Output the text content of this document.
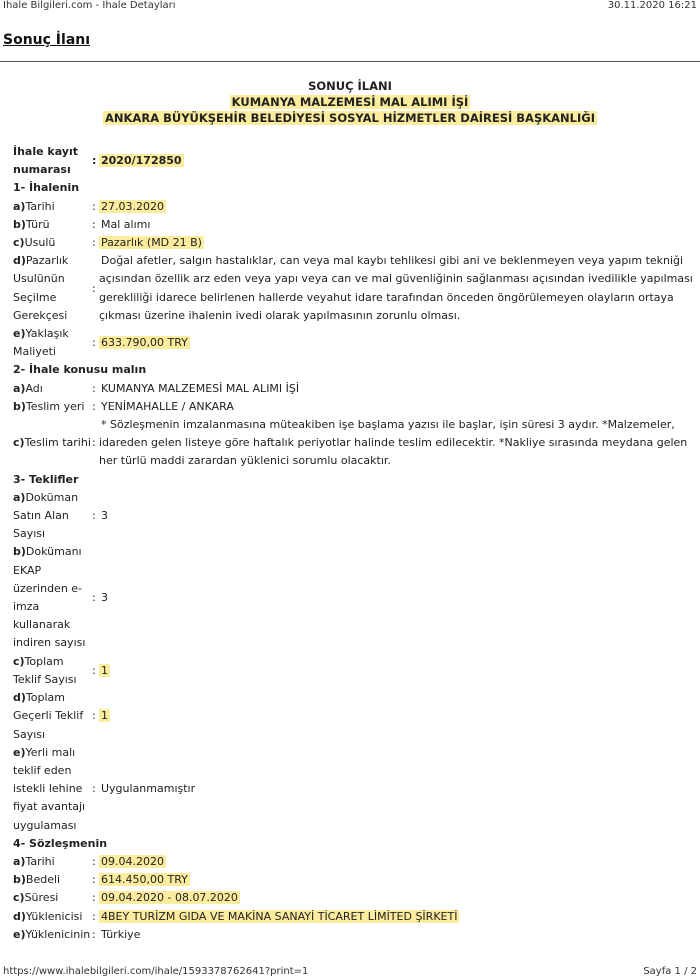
İhale Bilgileri.com - İhale Detayları	30.11.2020 16:21
Sonuç İlanı
SONUÇ İLANI
KUMANYA MALZEMESİ MAL ALIMI İŞİ
ANKARA BÜYÜKŞEHİR BELEDİYESİ SOSYAL HİZMETLER DAİRESİ BAŞKANLIĞI
İhale kayıt numarası	:	2020/172850
1- İhalenin		
a)Tarihi	:	27.03.2020
b)Türü	:	Mal alımı
c)Usulü	:	Pazarlık (MD 21 B)
d)Pazarlık Usulünün Seçilme Gerekçesi	:	Doğal afetler, salgın hastalıklar, can veya mal kaybı tehlikesi gibi ani ve beklenmeyen veya yapım tekniği açısından özellik arz eden veya yapı veya can ve mal güvenliğinin sağlanması açısından ivedilikle yapılması gerekliliği idarece belirlenen hallerde veyahut idare tarafından önceden öngörülemeyen olayların ortaya çıkması üzerine ihalenin ivedi olarak yapılmasının zorunlu olması.
e)Yaklaşık Maliyeti	:	633.790,00 TRY
2- İhale konusu malın		
a)Adı	:	KUMANYA MALZEMESİ MAL ALIMI İŞİ
b)Teslim yeri	:	YENİMAHALLE / ANKARA
c)Teslim tarihi	:	* Sözleşmenin imzalanmasına müteakiben işe başlama yazısı ile başlar, işin süresi 3 aydır. *Malzemeler, idareden gelen listeye göre haftalık periyotlar halinde teslim edilecektir. *Nakliye sırasında meydana gelen her türlü maddi zarardan yüklenici sorumlu olacaktır.
3- Teklifler		
a)Doküman Satın Alan Sayısı	:	3
b)Dokümanı EKAP üzerinden e-imza kullanarak indiren sayısı	:	3
c)Toplam Teklif Sayısı	:	1
d)Toplam Geçerli Teklif Sayısı	:	1
e)Yerli malı teklif eden istekli lehine fiyat avantajı uygulaması	:	Uygulanmamıştır
4- Sözleşmenin		
a)Tarihi	:	09.04.2020
b)Bedeli	:	614.450,00 TRY
c)Süresi	:	09.04.2020 - 08.07.2020
d)Yüklenicisi	:	4BEY TURİZM GIDA VE MAKİNA SANAYİ TİCARET LİMİTED ŞİRKETİ
e)Yüklenicinin	:	Türkiye
https://www.ihalebilgileri.com/ihale/1593378762641?print=1	Sayfa 1 / 2
